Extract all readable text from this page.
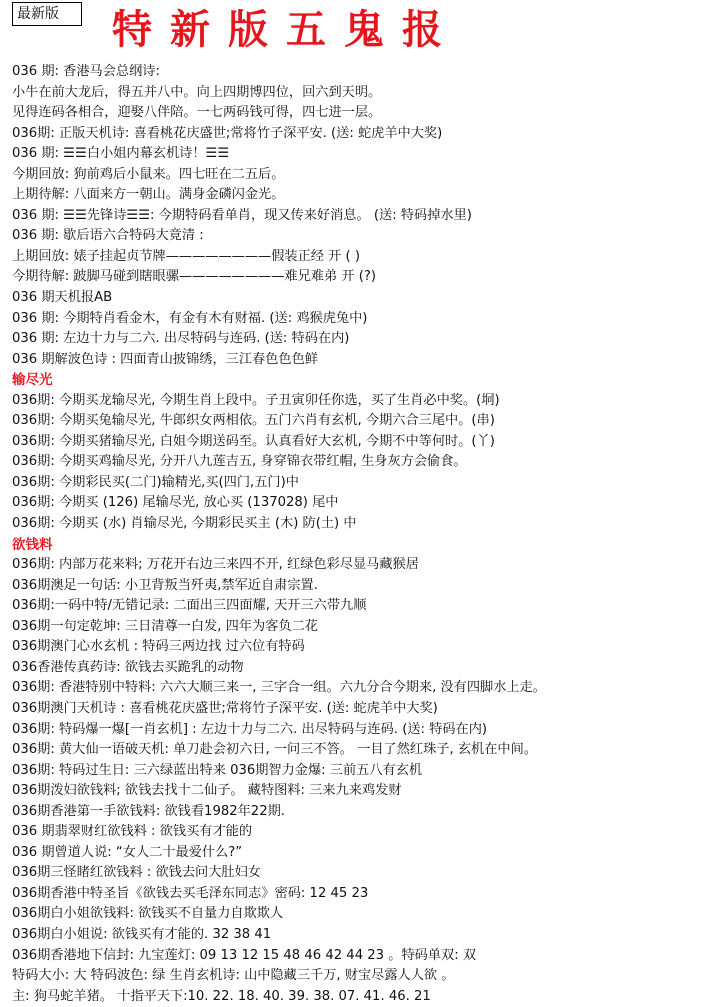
最新版	特新版五鬼报
036 期: 香港马会总纲诗:
小牛在前大龙后，得五并八中。向上四期博四位，回六到天明。
见得连码各相合，迎娶八伴陪。一七两码钱可得，四七进一层。
036期: 正版天机诗: 喜看桃花庆盛世;常将竹子深平安. (送: 蛇虎羊中大奖)
036 期: ☰☰白小姐内幕玄机诗！☰☰
今期回放: 狗前鸡后小鼠来。四七旺在二五后。
上期待解: 八面来方一朝山。满身金磷闪金光。
036 期: ☰☰先锋诗☰☰: 今期特码看单肖，现又传来好消息。 (送: 特码掉水里)
036 期: 歇后语六合特码大竟清 :
上期回放: 婊子挂起贞节牌————————假装正经 开 ( )
今期待解: 跛脚马碰到瞎眼骡————————难兄难弟 开 (?)
036 期天机报AB
036 期: 今期特肖看金木，有金有木有财福. (送: 鸡猴虎兔中)
036 期: 左边十力与二六. 出尽特码与连码. (送: 特码在内)
036 期解波色诗 : 四面青山披锦绣，三江春色色色鲜
输尽光
036期: 今期买龙输尽光, 今期生肖上段中。子丑寅卯任你选，买了生肖必中奖。(垌)
036期: 今期买兔输尽光, 牛郎织女两相依。五门六肖有玄机, 今期六合三尾中。(串)
036期: 今期买猪输尽光, 白姐今期送码至。认真看好大玄机, 今期不中等何时。(丫)
036期: 今期买鸡输尽光, 分开八九莲吉五, 身穿锦衣带红帽, 生身灰方会偷食。
036期: 今期彩民买(二门)输精光,买(四门,五门)中
036期: 今期买 (126) 尾输尽光, 放心买 (137028) 尾中
036期: 今期买 (水) 肖输尽光, 今期彩民买主 (木) 防(土) 中
欲钱料
036期: 内部万花来料; 万花开右边三来四不开, 红绿色彩尽显马藏猴居
036期澳足一句话: 小卫背叛当歼夷,禁军近自肃宗置.
036期:一码中特/无错记录: 二面出三四面耀, 天开三六带九顺
036期一句定乾坤: 三日清尊一白发, 四年为客负二花
036期澳门心水玄机 : 特码三两边找 过六位有特码
036香港传真药诗: 欲钱去买跪乳的动物
036期: 香港特别中特料: 六六大顺三来一, 三字合一组。六九分合今期来, 没有四脚水上走。
036期澳门天机诗 : 喜看桃花庆盛世;常将竹子深平安. (送: 蛇虎羊中大奖)
036期: 特码爆一爆[一肖玄机] : 左边十力与二六. 出尽特码与连码. (送: 特码在内)
036期: 黄大仙一语破天机: 单刀赴会初六日, 一问三不答。 一目了然红珠子, 玄机在中间。
036期: 特码过生日: 三六绿蓝出特来 036期智力金爆: 三前五八有玄机
036期泼妇欲钱料; 欲钱去找十二仙子。 藏特图料: 三来九来鸡发财
036期香港第一手欲钱料: 欲钱看1982年22期.
036 期翡翠财红欲钱料 : 欲钱买有才能的
036 期曾道人说: “女人二十最爱什么?”
036期三怪睹红欲钱料 : 欲钱去问大肚妇女
036期香港中特圣旨《欲钱去买毛泽东同志》密码: 12 45 23
036期白小姐欲钱料: 欲钱买不自量力自欺欺人
036期白小姐说: 欲钱买有才能的. 32 38 41
036期香港地下信封: 九宝莲灯: 09 13 12 15 48 46 42 44 23 。特码单双: 双
特码大小: 大 特码波色: 绿 生肖玄机诗: 山中隐藏三千万, 财宝尽露人人欲 。
主: 狗马蛇羊猪。 十指平天下:10. 22. 18. 40. 39. 38. 07. 41. 46. 21
